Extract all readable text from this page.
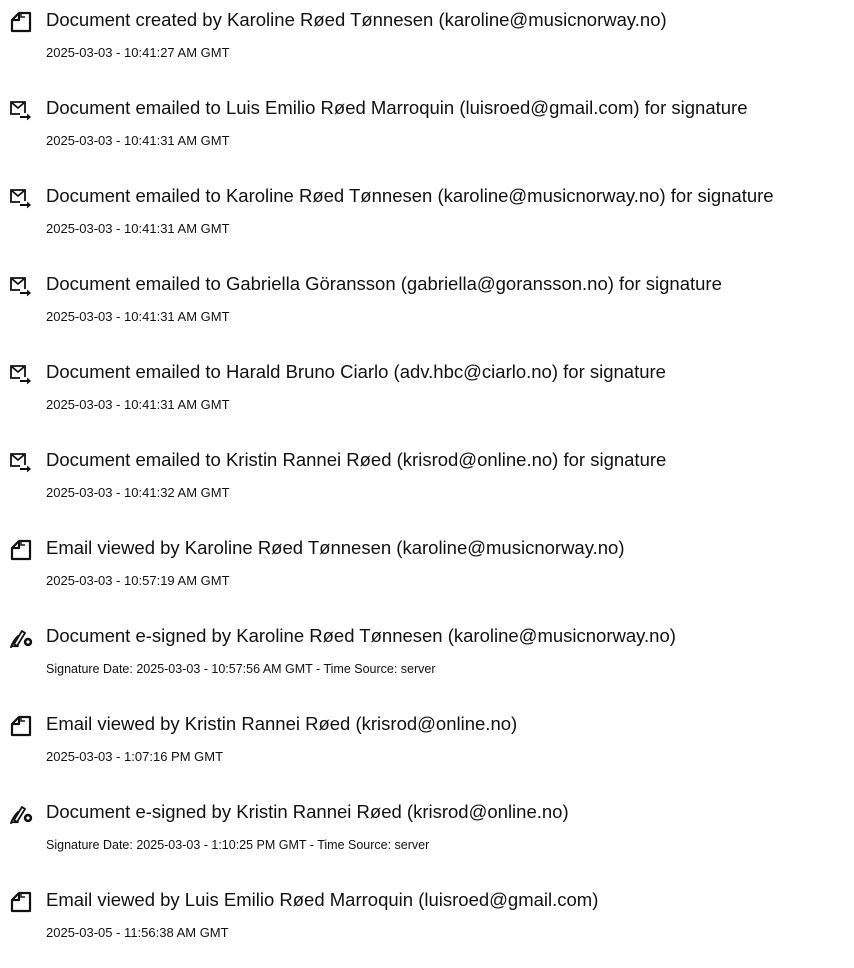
Document created by Karoline Røed Tønnesen (karoline@musicnorway.no)
2025-03-03 - 10:41:27 AM GMT
Document emailed to Luis Emilio Røed Marroquin (luisroed@gmail.com) for signature
2025-03-03 - 10:41:31 AM GMT
Document emailed to Karoline Røed Tønnesen (karoline@musicnorway.no) for signature
2025-03-03 - 10:41:31 AM GMT
Document emailed to Gabriella Göransson (gabriella@goransson.no) for signature
2025-03-03 - 10:41:31 AM GMT
Document emailed to Harald Bruno Ciarlo (adv.hbc@ciarlo.no) for signature
2025-03-03 - 10:41:31 AM GMT
Document emailed to Kristin Rannei Røed (krisrod@online.no) for signature
2025-03-03 - 10:41:32 AM GMT
Email viewed by Karoline Røed Tønnesen (karoline@musicnorway.no)
2025-03-03 - 10:57:19 AM GMT
Document e-signed by Karoline Røed Tønnesen (karoline@musicnorway.no)
Signature Date: 2025-03-03 - 10:57:56 AM GMT - Time Source: server
Email viewed by Kristin Rannei Røed (krisrod@online.no)
2025-03-03 - 1:07:16 PM GMT
Document e-signed by Kristin Rannei Røed (krisrod@online.no)
Signature Date: 2025-03-03 - 1:10:25 PM GMT - Time Source: server
Email viewed by Luis Emilio Røed Marroquin (luisroed@gmail.com)
2025-03-05 - 11:56:38 AM GMT
